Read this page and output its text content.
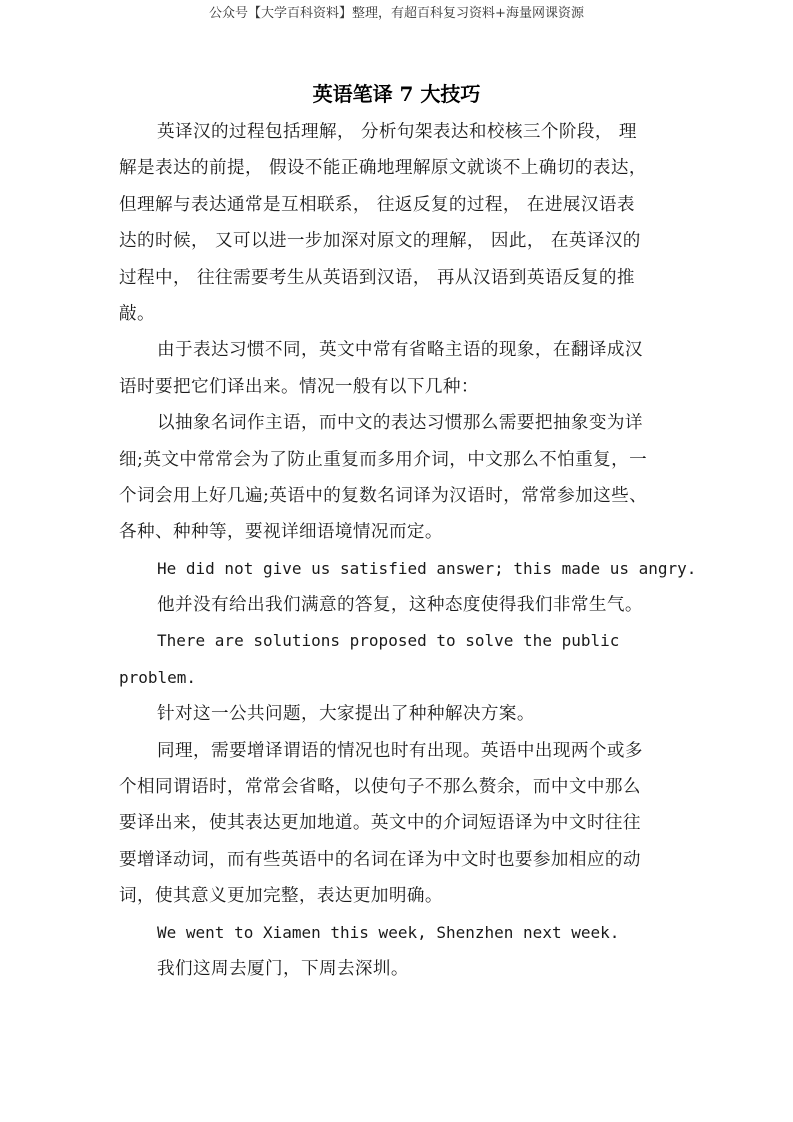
公众号【大学百科资料】整理，有超百科复习资料+海量网课资源
英语笔译 7 大技巧
英译汉的过程包括理解， 分析句架表达和校核三个阶段， 理
解是表达的前提， 假设不能正确地理解原文就谈不上确切的表达，
但理解与表达通常是互相联系， 往返反复的过程， 在进展汉语表
达的时候， 又可以进一步加深对原文的理解， 因此， 在英译汉的
过程中， 往往需要考生从英语到汉语， 再从汉语到英语反复的推
敲。
由于表达习惯不同，英文中常有省略主语的现象，在翻译成汉
语时要把它们译出来。情况一般有以下几种：
以抽象名词作主语，而中文的表达习惯那么需要把抽象变为详
细;英文中常常会为了防止重复而多用介词，中文那么不怕重复，一
个词会用上好几遍;英语中的复数名词译为汉语时，常常参加这些、
各种、种种等，要视详细语境情况而定。
He did not give us satisfied answer; this made us angry.
他并没有给出我们满意的答复，这种态度使得我们非常生气。
There are solutions proposed to solve the public
problem.
针对这一公共问题，大家提出了种种解决方案。
同理，需要增译谓语的情况也时有出现。英语中出现两个或多
个相同谓语时，常常会省略，以使句子不那么赘余，而中文中那么
要译出来，使其表达更加地道。英文中的介词短语译为中文时往往
要增译动词，而有些英语中的名词在译为中文时也要参加相应的动
词，使其意义更加完整，表达更加明确。
We went to Xiamen this week, Shenzhen next week.
我们这周去厦门，下周去深圳。
